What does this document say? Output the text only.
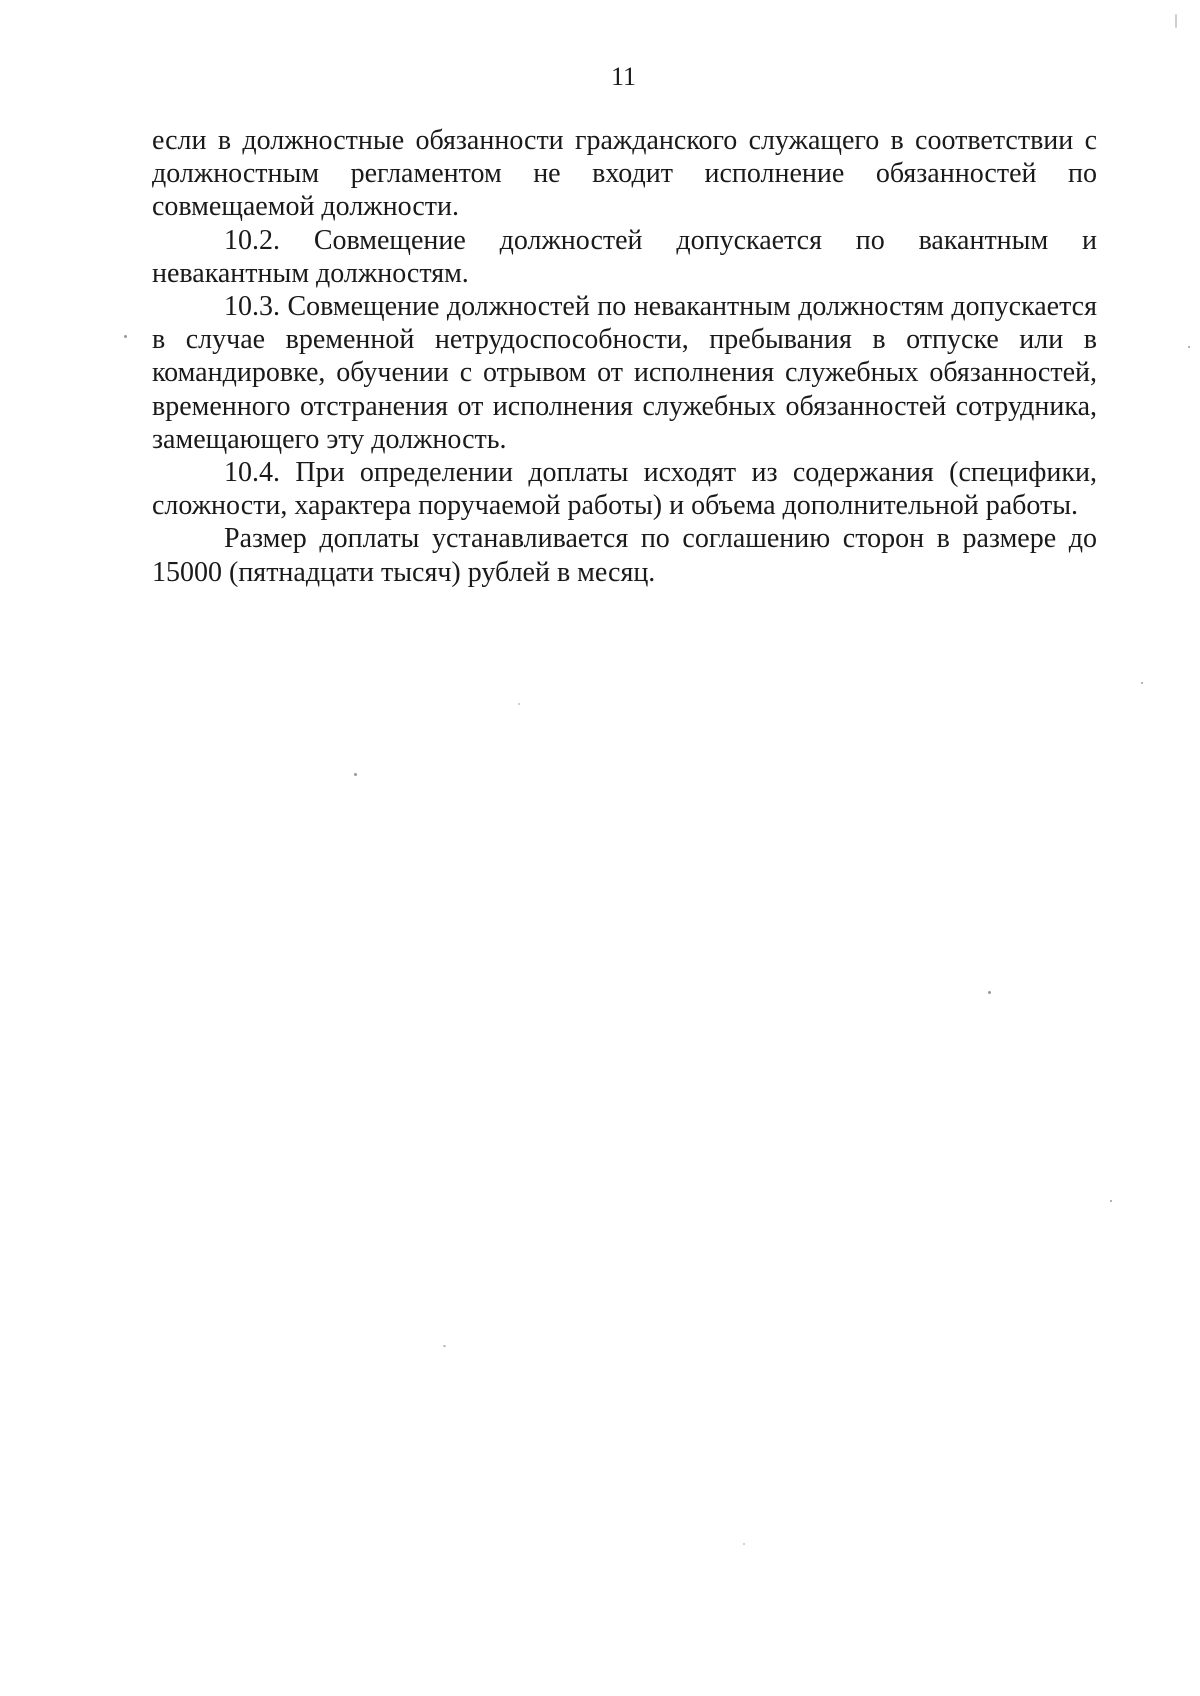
11

если в должностные обязанности гражданского служащего в соответствии с должностным регламентом не входит исполнение обязанностей по совмещаемой должности.

10.2. Совмещение должностей допускается по вакантным и невакантным должностям.

10.3. Совмещение должностей по невакантным должностям допускается в случае временной нетрудоспособности, пребывания в отпуске или в командировке, обучении с отрывом от исполнения служебных обязанностей, временного отстранения от исполнения служебных обязанностей сотрудника, замещающего эту должность.

10.4. При определении доплаты исходят из содержания (специфики, сложности, характера поручаемой работы) и объема дополнительной работы.

Размер доплаты устанавливается по соглашению сторон в размере до 15000 (пятнадцати тысяч) рублей в месяц.
